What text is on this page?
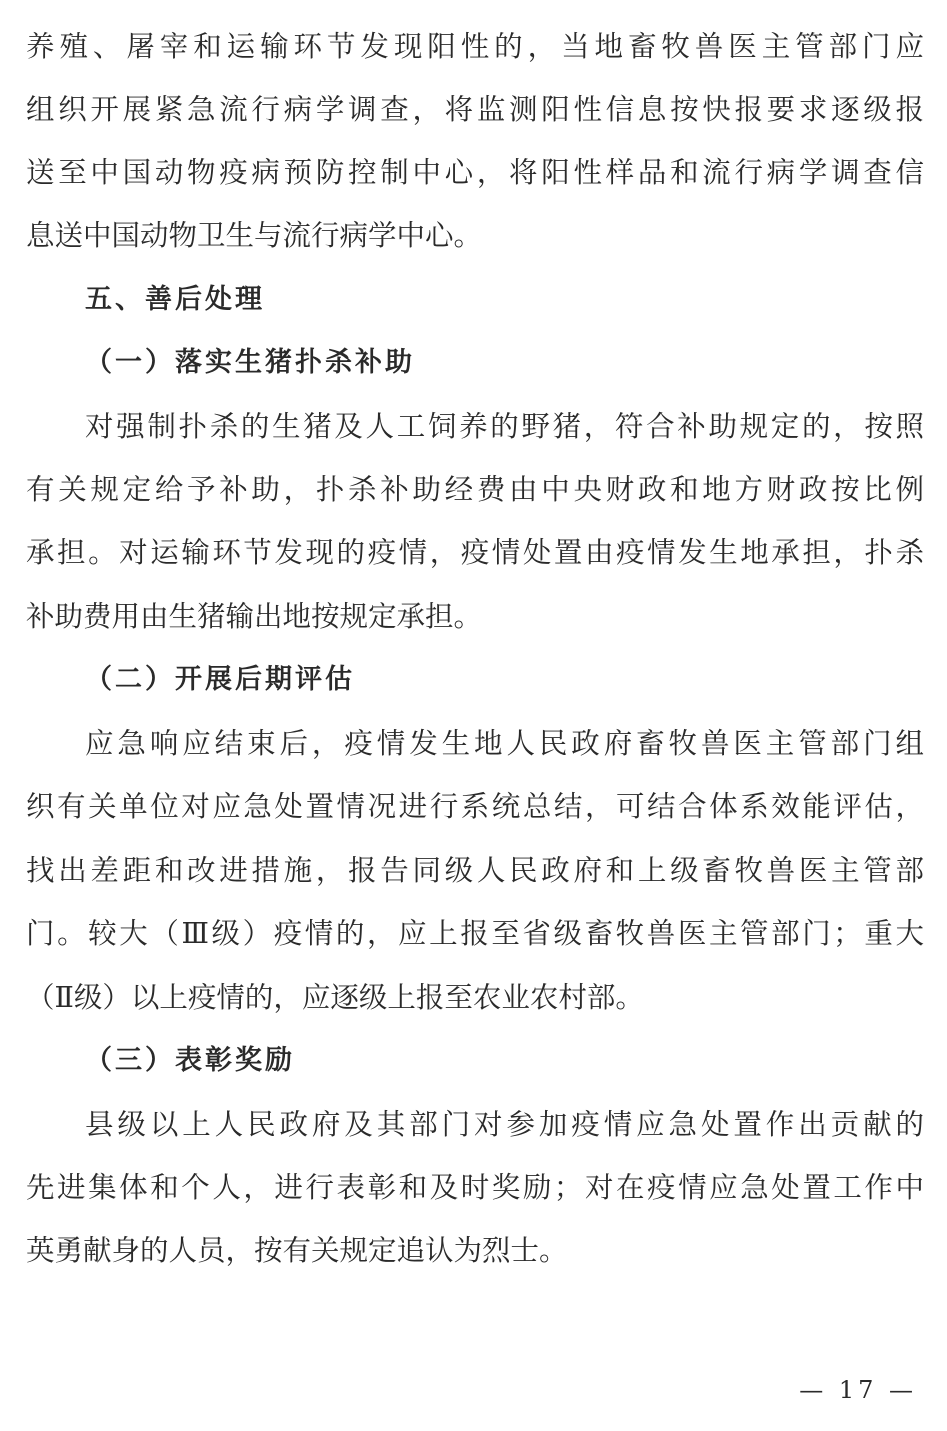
养殖、屠宰和运输环节发现阳性的，当地畜牧兽医主管部门应
组织开展紧急流行病学调查，将监测阳性信息按快报要求逐级报
送至中国动物疫病预防控制中心，将阳性样品和流行病学调查信
息送中国动物卫生与流行病学中心。
五、善后处理
（一）落实生猪扑杀补助
对强制扑杀的生猪及人工饲养的野猪，符合补助规定的，按照
有关规定给予补助，扑杀补助经费由中央财政和地方财政按比例
承担。对运输环节发现的疫情，疫情处置由疫情发生地承担，扑杀
补助费用由生猪输出地按规定承担。
（二）开展后期评估
应急响应结束后，疫情发生地人民政府畜牧兽医主管部门组
织有关单位对应急处置情况进行系统总结，可结合体系效能评估，
找出差距和改进措施，报告同级人民政府和上级畜牧兽医主管部
门。较大（Ⅲ级）疫情的，应上报至省级畜牧兽医主管部门；重大
（Ⅱ级）以上疫情的，应逐级上报至农业农村部。
（三）表彰奖励
县级以上人民政府及其部门对参加疫情应急处置作出贡献的
先进集体和个人，进行表彰和及时奖励；对在疫情应急处置工作中
英勇献身的人员，按有关规定追认为烈士。
— 17 —
